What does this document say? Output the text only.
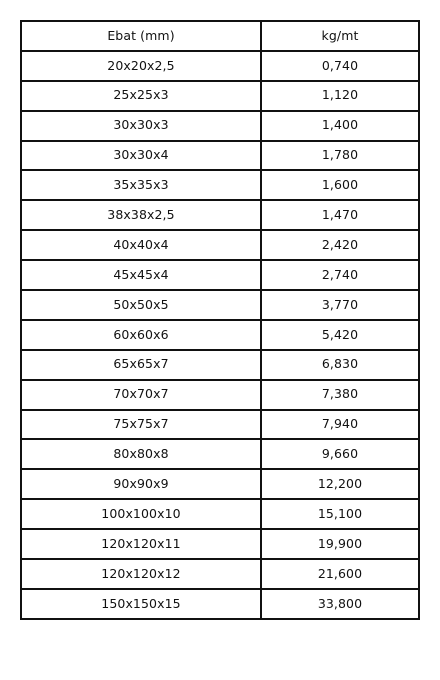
Ebat (mm)	kg/mt
20x20x2,5	0,740
25x25x3	1,120
30x30x3	1,400
30x30x4	1,780
35x35x3	1,600
38x38x2,5	1,470
40x40x4	2,420
45x45x4	2,740
50x50x5	3,770
60x60x6	5,420
65x65x7	6,830
70x70x7	7,380
75x75x7	7,940
80x80x8	9,660
90x90x9	12,200
100x100x10	15,100
120x120x11	19,900
120x120x12	21,600
150x150x15	33,800
